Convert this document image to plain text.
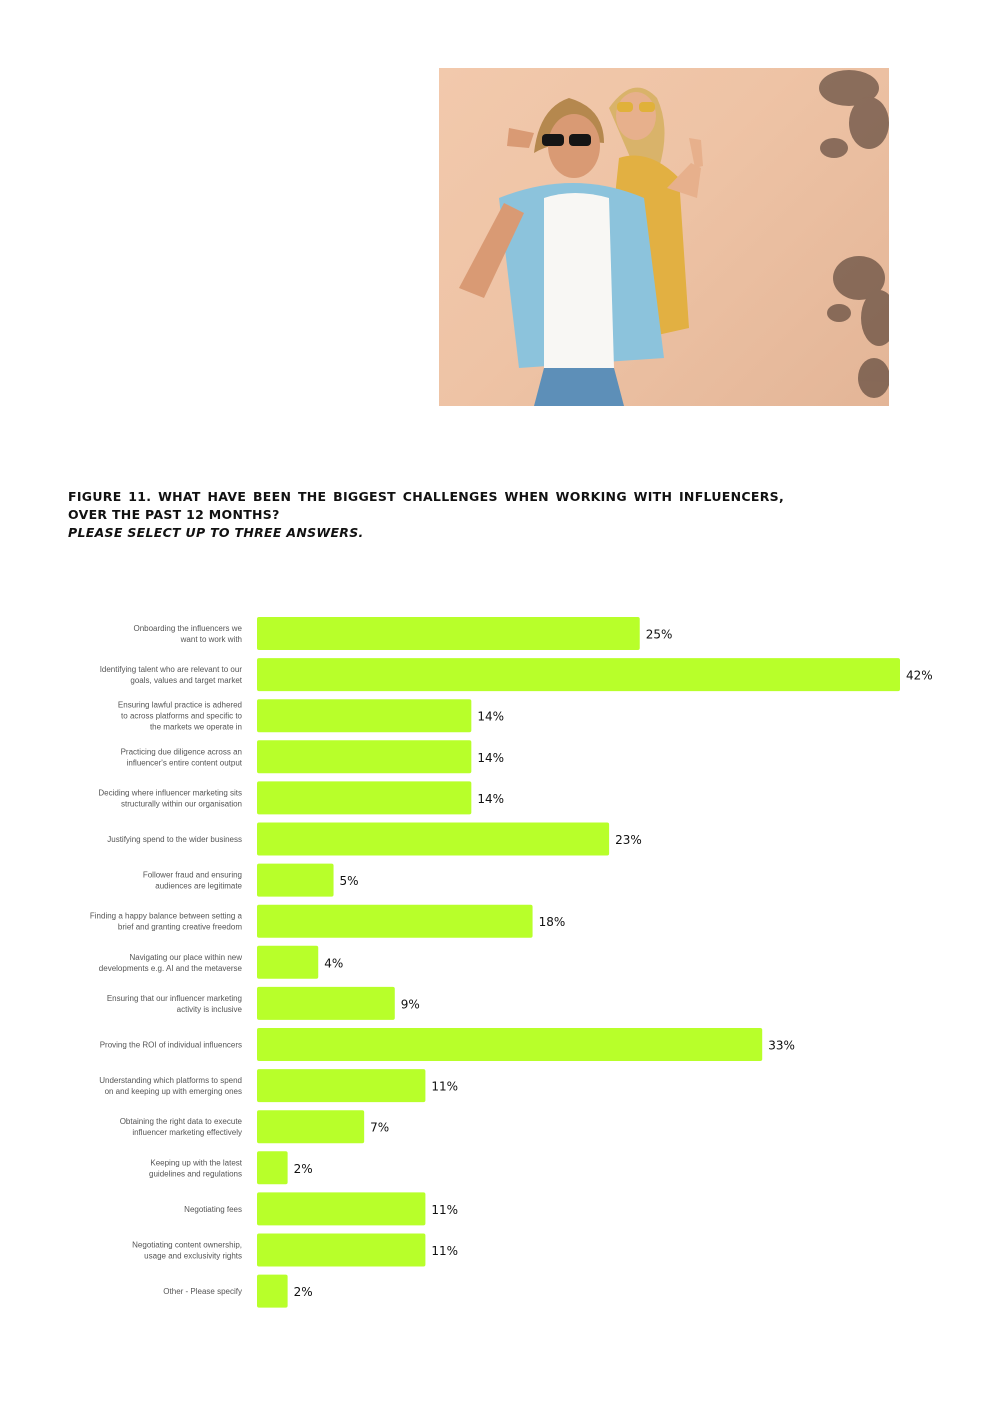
FIGURE 11. WHAT HAVE BEEN THE BIGGEST CHALLENGES WHEN WORKING WITH INFLUENCERS,
OVER THE PAST 12 MONTHS?
PLEASE SELECT UP TO THREE ANSWERS.
25%
Onboarding the influencers we want to work with
42%
Identifying talent who are relevant to our goals, values and target market
14%
Ensuring lawful practice is adhered to across platforms and specific to the markets we operate in
14%
Practicing due diligence across an influencer's entire content output
14%
Deciding where influencer marketing sits structurally within our organisation
23%
Justifying spend to the wider business
5%
Follower fraud and ensuring audiences are legitimate
18%
Finding a happy balance between setting a brief and granting creative freedom
4%
Navigating our place within new developments e.g. AI and the metaverse
9%
Ensuring that our influencer marketing activity is inclusive
33%
Proving the ROI of individual influencers
11%
Understanding which platforms to spend on and keeping up with emerging ones
7%
Obtaining the right data to execute influencer marketing effectively
2%
Keeping up with the latest guidelines and regulations
11%
Negotiating fees
11%
Negotiating content ownership, usage and exclusivity rights
2%
Other - Please specify
